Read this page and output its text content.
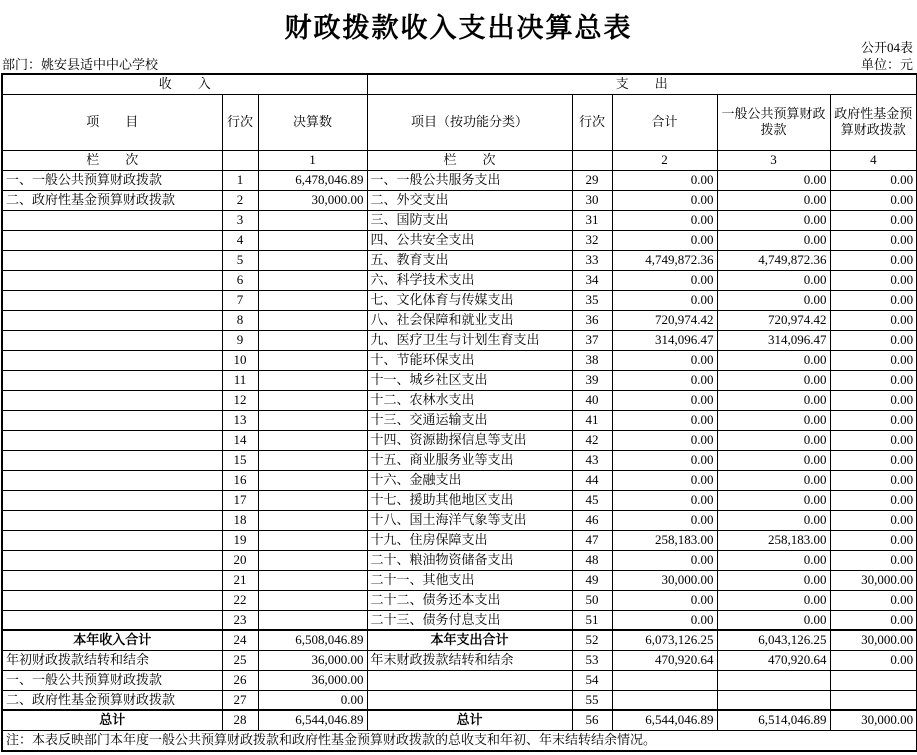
财政拨款收入支出决算总表
公开04表
部门：姚安县适中中心学校	单位：元
收　　入			支　　出				
项　　目	行次	决算数	项目（按功能分类）	行次	合计	一般公共预算财政拨款	政府性基金预算财政拨款
栏　　次		1	栏　　次		2	3	4
一、一般公共预算财政拨款	1	6,478,046.89	一、一般公共服务支出	29	0.00	0.00	0.00
二、政府性基金预算财政拨款	2	30,000.00	二、外交支出	30	0.00	0.00	0.00
	3		三、国防支出	31	0.00	0.00	0.00
	4		四、公共安全支出	32	0.00	0.00	0.00
	5		五、教育支出	33	4,749,872.36	4,749,872.36	0.00
	6		六、科学技术支出	34	0.00	0.00	0.00
	7		七、文化体育与传媒支出	35	0.00	0.00	0.00
	8		八、社会保障和就业支出	36	720,974.42	720,974.42	0.00
	9		九、医疗卫生与计划生育支出	37	314,096.47	314,096.47	0.00
	10		十、节能环保支出	38	0.00	0.00	0.00
	11		十一、城乡社区支出	39	0.00	0.00	0.00
	12		十二、农林水支出	40	0.00	0.00	0.00
	13		十三、交通运输支出	41	0.00	0.00	0.00
	14		十四、资源勘探信息等支出	42	0.00	0.00	0.00
	15		十五、商业服务业等支出	43	0.00	0.00	0.00
	16		十六、金融支出	44	0.00	0.00	0.00
	17		十七、援助其他地区支出	45	0.00	0.00	0.00
	18		十八、国土海洋气象等支出	46	0.00	0.00	0.00
	19		十九、住房保障支出	47	258,183.00	258,183.00	0.00
	20		二十、粮油物资储备支出	48	0.00	0.00	0.00
	21		二十一、其他支出	49	30,000.00	0.00	30,000.00
	22		二十二、债务还本支出	50	0.00	0.00	0.00
	23		二十三、债务付息支出	51	0.00	0.00	0.00
本年收入合计	24	6,508,046.89	本年支出合计	52	6,073,126.25	6,043,126.25	30,000.00
年初财政拨款结转和结余	25	36,000.00	年末财政拨款结转和结余	53	470,920.64	470,920.64	0.00
一、一般公共预算财政拨款	26	36,000.00		54			
二、政府性基金预算财政拨款	27	0.00		55			
总计	28	6,544,046.89	总计	56	6,544,046.89	6,514,046.89	30,000.00
注：本表反映部门本年度一般公共预算财政拨款和政府性基金预算财政拨款的总收支和年初、年末结转结余情况。							
